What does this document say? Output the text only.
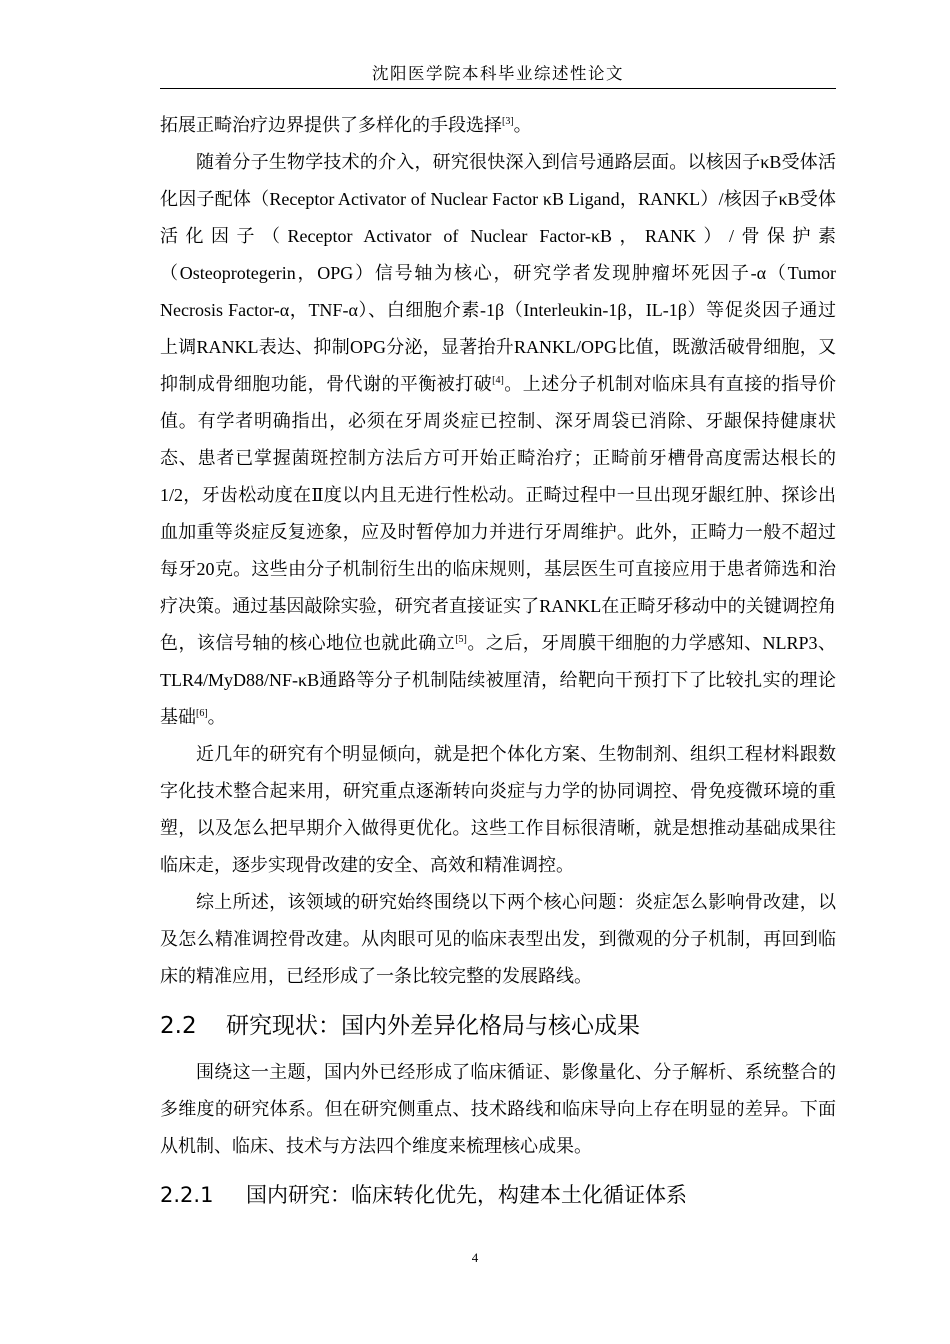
沈阳医学院本科毕业综述性论文

拓展正畸治疗边界提供了多样化的手段选择[3]。

随着分子生物学技术的介入，研究很快深入到信号通路层面。以核因子κB受体活化因子配体（Receptor Activator of Nuclear Factor κB Ligand，RANKL）/核因子κB受体活化因子（Receptor Activator of Nuclear Factor-κB，RANK）/骨保护素（Osteoprotegerin，OPG）信号轴为核心，研究学者发现肿瘤坏死因子-α（Tumor Necrosis Factor-α，TNF-α）、白细胞介素-1β（Interleukin-1β，IL-1β）等促炎因子通过上调RANKL表达、抑制OPG分泌，显著抬升RANKL/OPG比值，既激活破骨细胞，又抑制成骨细胞功能，骨代谢的平衡被打破[4]。上述分子机制对临床具有直接的指导价值。有学者明确指出，必须在牙周炎症已控制、深牙周袋已消除、牙龈保持健康状态、患者已掌握菌斑控制方法后方可开始正畸治疗；正畸前牙槽骨高度需达根长的1/2，牙齿松动度在Ⅱ度以内且无进行性松动。正畸过程中一旦出现牙龈红肿、探诊出血加重等炎症反复迹象，应及时暂停加力并进行牙周维护。此外，正畸力一般不超过每牙20克。这些由分子机制衍生出的临床规则，基层医生可直接应用于患者筛选和治疗决策。通过基因敲除实验，研究者直接证实了RANKL在正畸牙移动中的关键调控角色，该信号轴的核心地位也就此确立[5]。之后，牙周膜干细胞的力学感知、NLRP3、TLR4/MyD88/NF-κB通路等分子机制陆续被厘清，给靶向干预打下了比较扎实的理论基础[6]。

近几年的研究有个明显倾向，就是把个体化方案、生物制剂、组织工程材料跟数字化技术整合起来用，研究重点逐渐转向炎症与力学的协同调控、骨免疫微环境的重塑，以及怎么把早期介入做得更优化。这些工作目标很清晰，就是想推动基础成果往临床走，逐步实现骨改建的安全、高效和精准调控。

综上所述，该领域的研究始终围绕以下两个核心问题：炎症怎么影响骨改建，以及怎么精准调控骨改建。从肉眼可见的临床表型出发，到微观的分子机制，再回到临床的精准应用，已经形成了一条比较完整的发展路线。

2.2 研究现状：国内外差异化格局与核心成果

围绕这一主题，国内外已经形成了临床循证、影像量化、分子解析、系统整合的多维度的研究体系。但在研究侧重点、技术路线和临床导向上存在明显的差异。下面从机制、临床、技术与方法四个维度来梳理核心成果。

2.2.1 国内研究：临床转化优先，构建本土化循证体系
4
